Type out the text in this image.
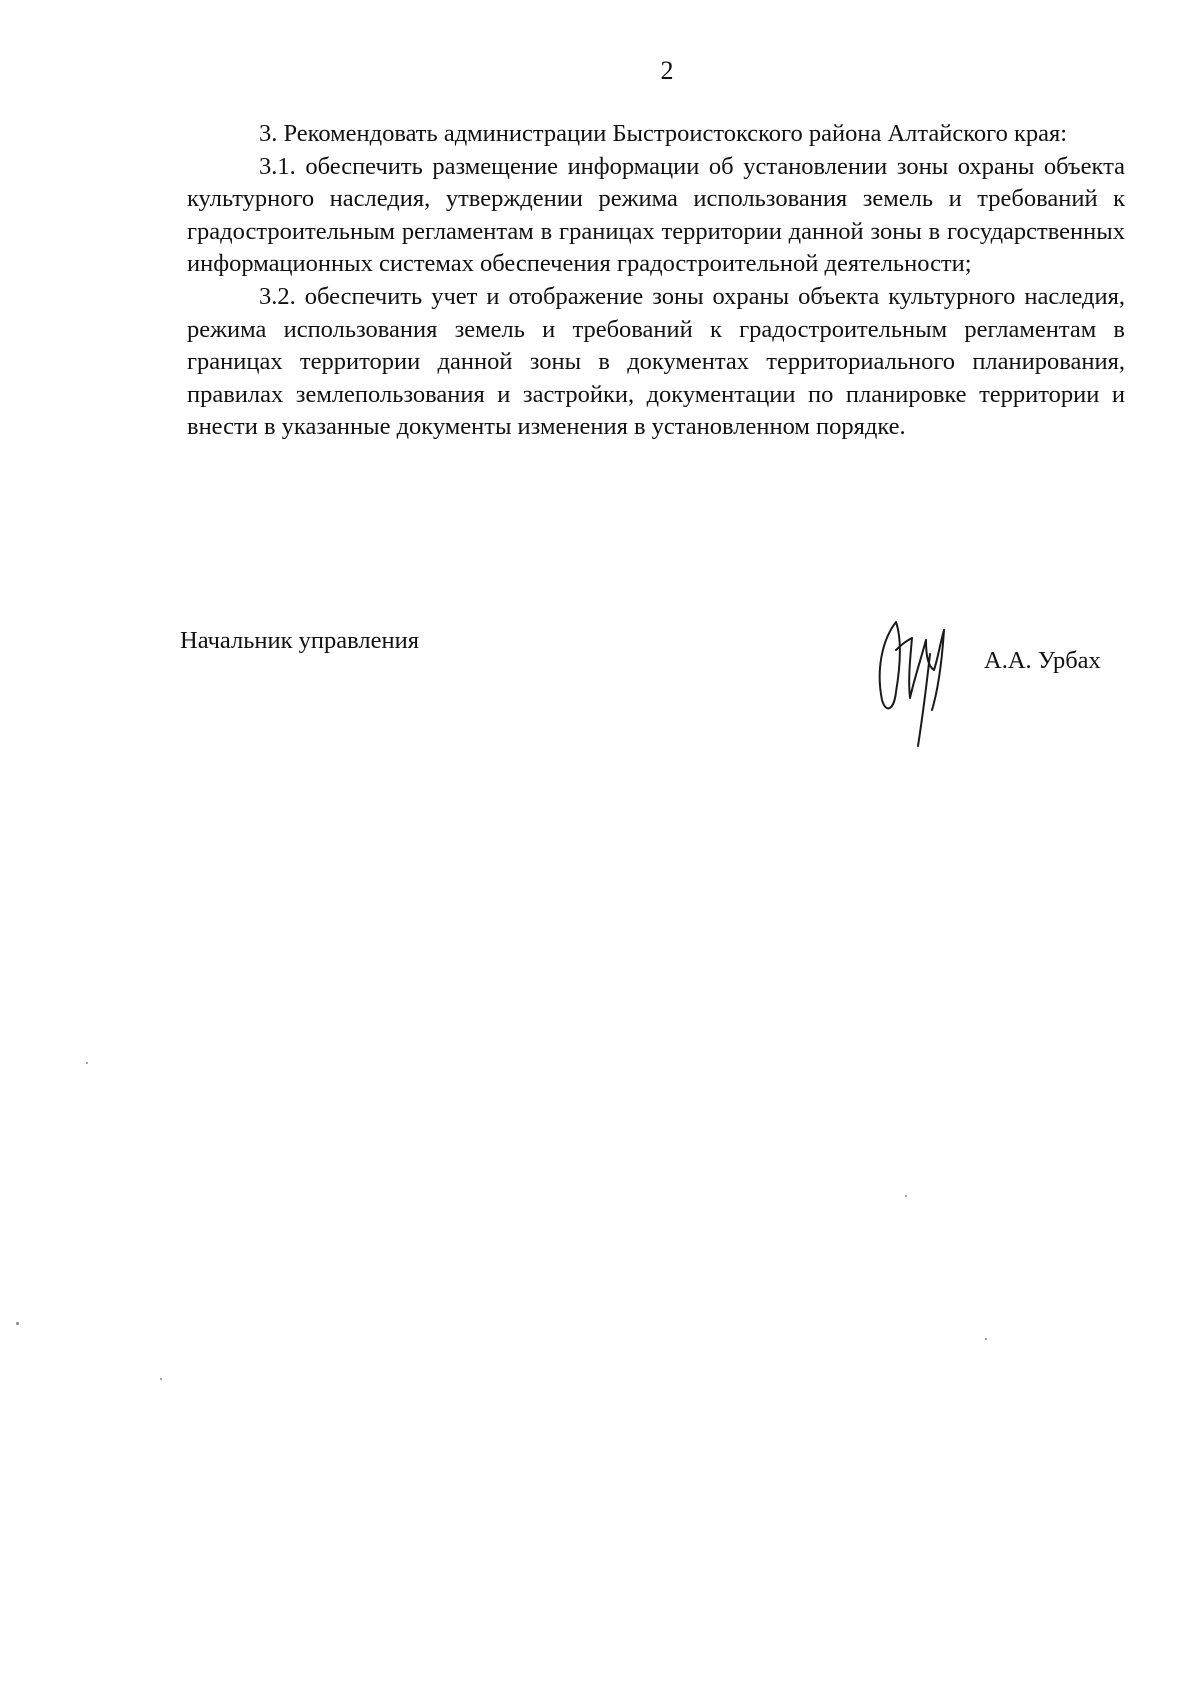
2

3. Рекомендовать администрации Быстроистокского района Алтайского края:

3.1. обеспечить размещение информации об установлении зоны охраны объекта культурного наследия, утверждении режима использования земель и требований к градостроительным регламентам в границах территории данной зоны в государственных информационных системах обеспечения градостроительной деятельности;

3.2. обеспечить учет и отображение зоны охраны объекта культурного наследия, режима использования земель и требований к градостроительным регламентам в границах территории данной зоны в документах территориального планирования, правилах землепользования и застройки, документации по планировке территории и внести в указанные документы изменения в установленном порядке.

Начальник управления
А.А. Урбах
